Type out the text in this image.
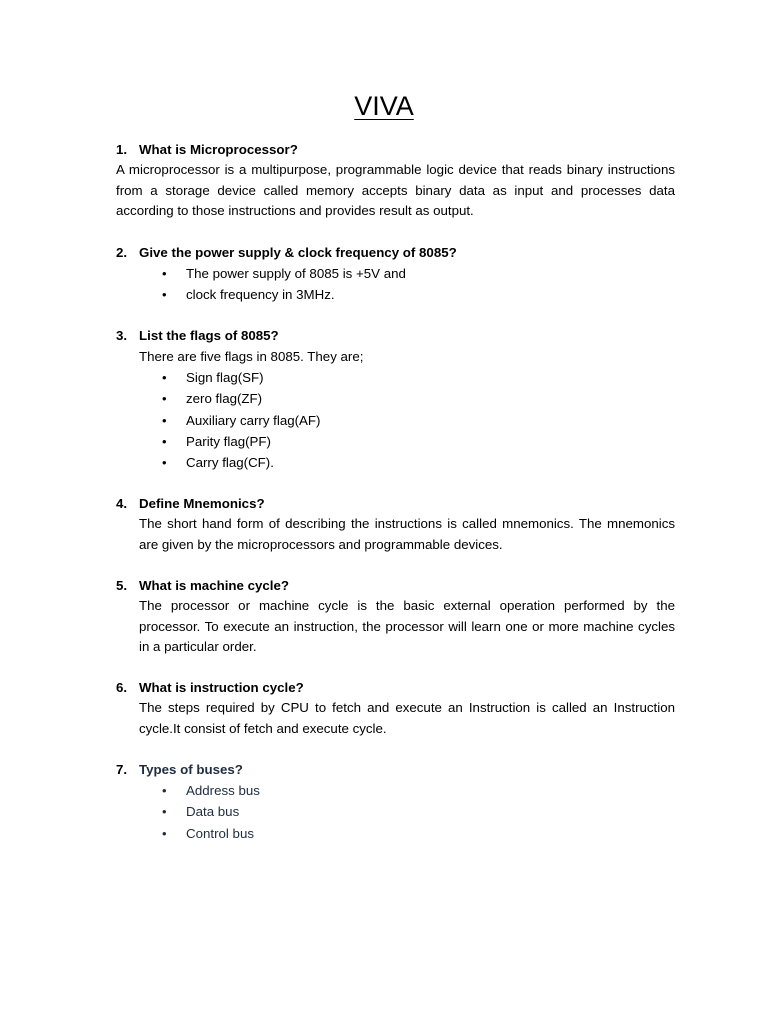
VIVA
1. What is Microprocessor?
A microprocessor is a multipurpose, programmable logic device that reads binary instructions from a storage device called memory accepts binary data as input and processes data according to those instructions and provides result as output.
2. Give the power supply & clock frequency of 8085?
• The power supply of 8085 is +5V and
• clock frequency in 3MHz.
3. List the flags of 8085?
There are five flags in 8085. They are;
• Sign flag(SF)
• zero flag(ZF)
• Auxiliary carry flag(AF)
• Parity flag(PF)
• Carry flag(CF).
4. Define Mnemonics?
The short hand form of describing the instructions is called mnemonics. The mnemonics are given by the microprocessors and programmable devices.
5. What is machine cycle?
The processor or machine cycle is the basic external operation performed by the processor. To execute an instruction, the processor will learn one or more machine cycles in a particular order.
6. What is instruction cycle?
The steps required by CPU to fetch and execute an Instruction is called an Instruction cycle.It consist of fetch and execute cycle.
7. Types of buses?
• Address bus
• Data bus
• Control bus
